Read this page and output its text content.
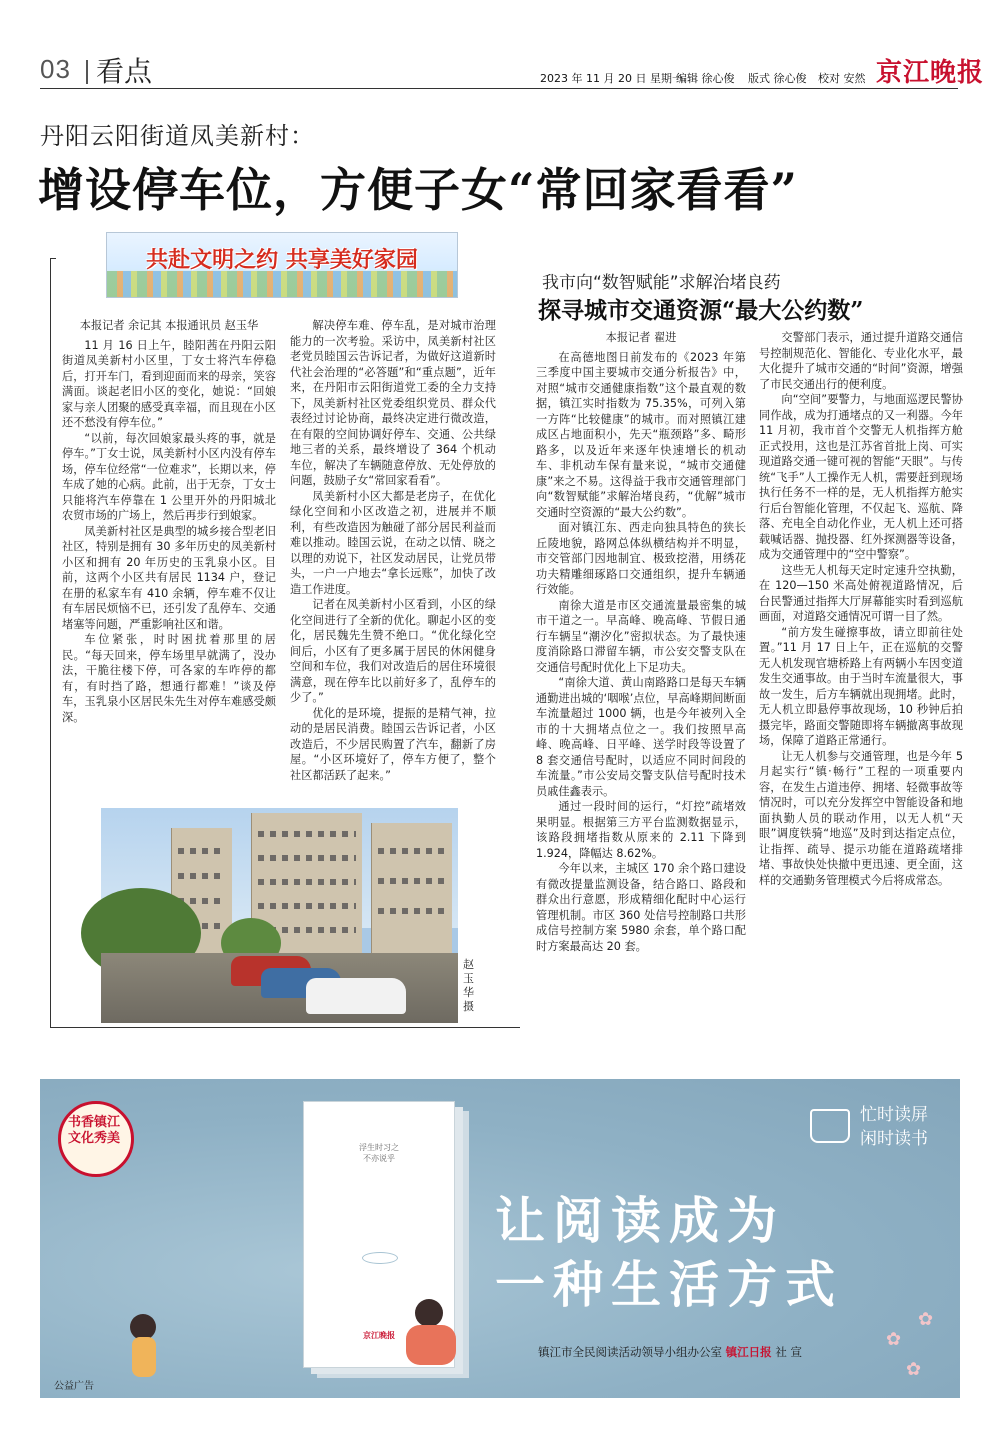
03 看点	2023 年 11 月 20 日 星期一
编辑 徐心俊 版式 徐心俊 校对 安然 京江晚报
丹阳云阳街道凤美新村：
增设停车位，方便子女“常回家看看”
共赴文明之约 共享美好家园

本报记者 余记其 本报通讯员 赵玉华

11 月 16 日上午，睦阳茜在丹阳云阳街道凤美新村小区里，丁女士将汽车停稳后，打开车门，看到迎面而来的母亲，笑容满面。谈起老旧小区的变化，她说：“回娘家与亲人团聚的感受真幸福，而且现在小区还不愁没有停车位。”

“以前，每次回娘家最头疼的事，就是停车。”丁女士说，凤美新村小区内没有停车场，停车位经常“一位难求”，长期以来，停车成了她的心病。此前，出于无奈，丁女士只能将汽车停靠在 1 公里开外的丹阳城北农贸市场的广场上，然后再步行到娘家。

凤美新村社区是典型的城乡接合型老旧社区，特别是拥有 30 多年历史的凤美新村小区和拥有 20 年历史的玉乳泉小区。目前，这两个小区共有居民 1134 户，登记在册的私家车有 410 余辆，停车难不仅让有车居民烦恼不已，还引发了乱停车、交通堵塞等问题，严重影响社区和谐。

车位紧张，时时困扰着那里的居民。“每天回来，停车场里早就满了，没办法，干脆往楼下停，可各家的车咋停的都有，有时挡了路，想通行都难！”谈及停车，玉乳泉小区居民朱先生对停车难感受颇深。

解决停车难、停车乱，是对城市治理能力的一次考验。采访中，凤美新村社区老党员睦国云告诉记者，为做好这道新时代社会治理的“必答题”和“重点题”，近年来，在丹阳市云阳街道党工委的全力支持下，凤美新村社区党委组织党员、群众代表经过讨论协商，最终决定进行微改造，在有限的空间协调好停车、交通、公共绿地三者的关系，最终增设了 364 个机动车位，解决了车辆随意停放、无处停放的问题，鼓励子女“常回家看看”。

凤美新村小区大都是老房子，在优化绿化空间和小区改造之初，进展并不顺利，有些改造因为触碰了部分居民利益而难以推动。睦国云说，在动之以情、晓之以理的劝说下，社区发动居民，让党员带头，一户一户地去“拿长远账”，加快了改造工作进度。

记者在凤美新村小区看到，小区的绿化空间进行了全新的优化。聊起小区的变化，居民魏先生赞不绝口。“优化绿化空间后，小区有了更多属于居民的休闲健身空间和车位，我们对改造后的居住环境很满意，现在停车比以前好多了，乱停车的少了。”

优化的是环境，提振的是精气神，拉动的是居民消费。睦国云告诉记者，小区改造后，不少居民购置了汽车，翻新了房屋。“小区环境好了，停车方便了，整个社区都活跃了起来。”

赵玉华摄
我市向“数智赋能”求解治堵良药
探寻城市交通资源“最大公约数”

本报记者 翟进

在高德地图日前发布的《2023 年第三季度中国主要城市交通分析报告》中，对照“城市交通健康指数”这个最直观的数据，镇江实时指数为 75.35%，可列入第一方阵“比较健康”的城市。而对照镇江建成区占地面积小，先天“瓶颈路”多、畸形路多，以及近年来逐年快速增长的机动车、非机动车保有量来说，“城市交通健康”来之不易。这得益于我市交通管理部门向“数智赋能”求解治堵良药，“优解”城市交通时空资源的“最大公约数”。

面对镇江东、西走向独具特色的狭长丘陵地貌，路网总体纵横结构并不明显，市交管部门因地制宜、极致挖潜，用绣花功夫精雕细琢路口交通组织，提升车辆通行效能。

南徐大道是市区交通流量最密集的城市干道之一。早高峰、晚高峰、节假日通行车辆呈“潮汐化”密拟状态。为了最快速度消除路口滞留车辆，市公安交警支队在交通信号配时优化上下足功夫。

“南徐大道、黄山南路路口是每天车辆通勤进出城的‘咽喉’点位，早高峰期间断面车流量超过 1000 辆，也是今年被列入全市的十大拥堵点位之一。我们按照早高峰、晚高峰、日平峰、送学时段等设置了 8 套交通信号配时，以适应不同时间段的车流量。”市公安局交警支队信号配时技术员戚佳鑫表示。

通过一段时间的运行，“灯控”疏堵效果明显。根据第三方平台监测数据显示，该路段拥堵指数从原来的 2.11 下降到 1.924，降幅达 8.62%。

今年以来，主城区 170 余个路口建设有微改提量监测设备，结合路口、路段和群众出行意愿，形成精细化配时中心运行管理机制。市区 360 处信号控制路口共形成信号控制方案 5980 余套，单个路口配时方案最高达 20 套。

交警部门表示，通过提升道路交通信号控制规范化、智能化、专业化水平，最大化提升了城市交通的“时间”资源，增强了市民交通出行的便利度。

向“空间”要警力，与地面巡逻民警协同作战，成为打通堵点的又一利器。今年 11 月初，我市首个交警无人机指挥方舱正式投用，这也是江苏省首批上岗、可实现道路交通一键可视的智能“天眼”。与传统“飞手”人工操作无人机，需要赶到现场执行任务不一样的是，无人机指挥方舱实行后台智能化管理，不仅起飞、巡航、降落、充电全自动化作业，无人机上还可搭载喊话器、抛投器、红外探测器等设备，成为交通管理中的“空中警察”。

这些无人机每天定时定速升空执勤，在 120—150 米高处俯视道路情况，后台民警通过指挥大厅屏幕能实时看到巡航画面，对道路交通情况可谓一目了然。

“前方发生碰擦事故，请立即前往处置。”11 月 17 日上午，正在巡航的交警无人机发现官塘桥路上有两辆小车因变道发生交通事故。由于当时车流量很大，事故一发生，后方车辆就出现拥堵。此时，无人机立即悬停事故现场，10 秒钟后拍摄完毕，路面交警随即将车辆撤离事故现场，保障了道路正常通行。

让无人机参与交通管理，也是今年 5 月起实行“镇·畅行”工程的一项重要内容，在发生占道违停、拥堵、轻微事故等情况时，可以充分发挥空中智能设备和地面执勤人员的联动作用，以无人机“天眼”调度铁骑“地巡”及时到达指定点位，让指挥、疏导、提示功能在道路疏堵排堵、事故快处快撤中更迅速、更全面，这样的交通勤务管理模式今后将成常态。

书香镇江 文化秀美
浮生时习之 不亦说乎
京江晚报
忙时读屏
闲时读书
让阅读成为
一种生活方式
✿
✿
✿
镇江市全民阅读活动领导小组办公室 镇江日报 社 宣
公益广告
